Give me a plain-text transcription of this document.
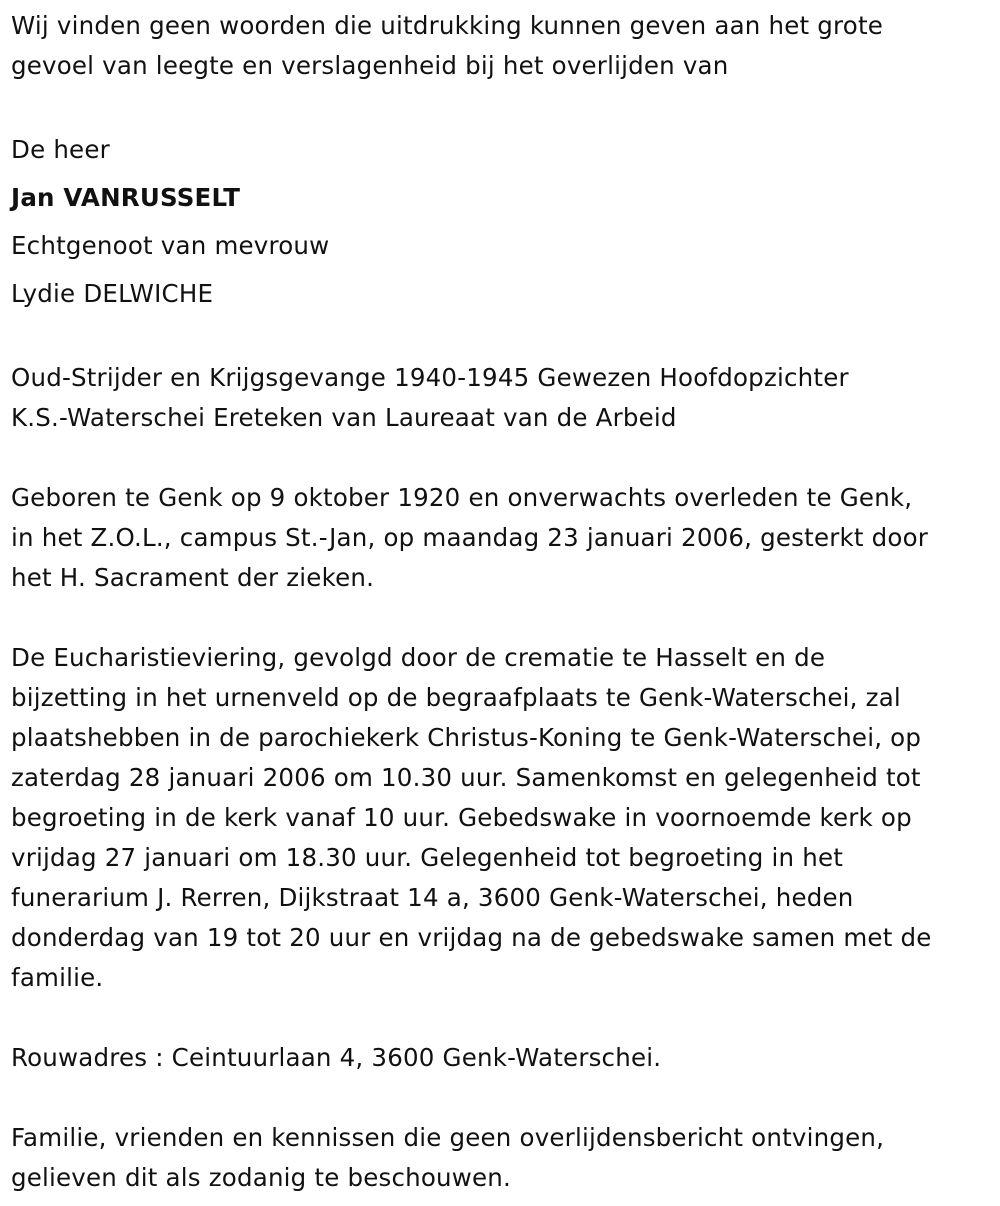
Wij vinden geen woorden die uitdrukking kunnen geven aan het grote
gevoel van leegte en verslagenheid bij het overlijden van
De heer
Jan VANRUSSELT
Echtgenoot van mevrouw
Lydie DELWICHE
Oud-Strijder en Krijgsgevange 1940-1945 Gewezen Hoofdopzichter
K.S.-Waterschei Ereteken van Laureaat van de Arbeid
Geboren te Genk op 9 oktober 1920 en onverwachts overleden te Genk,
in het Z.O.L., campus St.-Jan, op maandag 23 januari 2006, gesterkt door
het H. Sacrament der zieken.
De Eucharistieviering, gevolgd door de crematie te Hasselt en de
bijzetting in het urnenveld op de begraafplaats te Genk-Waterschei, zal
plaatshebben in de parochiekerk Christus-Koning te Genk-Waterschei, op
zaterdag 28 januari 2006 om 10.30 uur. Samenkomst en gelegenheid tot
begroeting in de kerk vanaf 10 uur. Gebedswake in voornoemde kerk op
vrijdag 27 januari om 18.30 uur. Gelegenheid tot begroeting in het
funerarium J. Rerren, Dijkstraat 14 a, 3600 Genk-Waterschei, heden
donderdag van 19 tot 20 uur en vrijdag na de gebedswake samen met de
familie.
Rouwadres : Ceintuurlaan 4, 3600 Genk-Waterschei.
Familie, vrienden en kennissen die geen overlijdensbericht ontvingen,
gelieven dit als zodanig te beschouwen.
